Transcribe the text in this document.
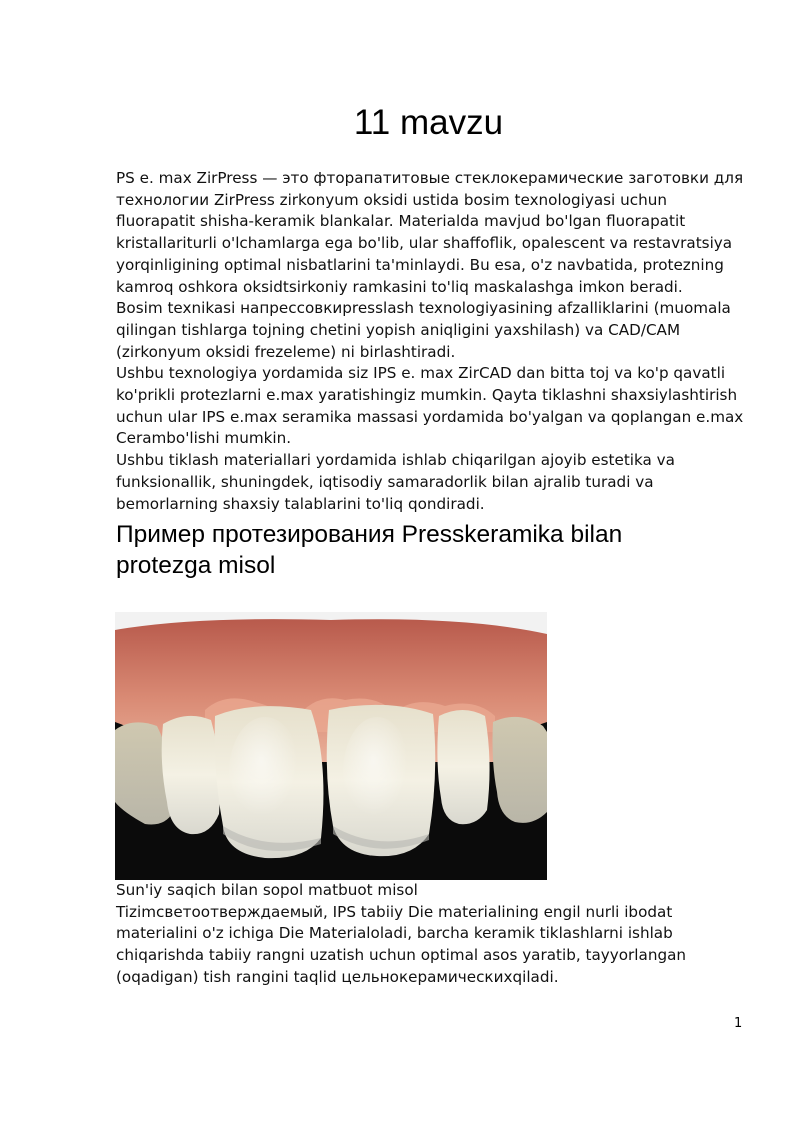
11 mavzu

PS e. max ZirPress — это фторапатитовые стеклокерамические заготовки для
технологии ZirPress zirkonyum oksidi ustida bosim texnologiyasi uchun
fluorapatit shisha-keramik blankalar. Materialda mavjud bo'lgan fluorapatit
kristallariturli o'lchamlarga ega bo'lib, ular shaffoflik, opalescent va restavratsiya
yorqinligining optimal nisbatlarini ta'minlaydi. Bu esa, o'z navbatida, protezning
kamroq oshkora oksidtsirkoniy ramkasini to'liq maskalashga imkon beradi.

Bosim texnikasi напрессовкиpresslash texnologiyasining afzalliklarini (muomala
qilingan tishlarga tojning chetini yopish aniqligini yaxshilash) va CAD/CAM
(zirkonyum oksidi frezeleme) ni birlashtiradi.

Ushbu texnologiya yordamida siz IPS e. max ZirCAD dan bitta toj va ko'p qavatli
ko'prikli protezlarni e.max yaratishingiz mumkin. Qayta tiklashni shaxsiylashtirish
uchun ular IPS e.max seramika massasi yordamida bo'yalgan va qoplangan e.max
Cerambo'lishi mumkin.

Ushbu tiklash materiallari yordamida ishlab chiqarilgan ajoyib estetika va
funksionallik, shuningdek, iqtisodiy samaradorlik bilan ajralib turadi va
bemorlarning shaxsiy talablarini to'liq qondiradi.

Пример протезирования Presskeramika bilan
protezga misol

Sun'iy saqich bilan sopol matbuot misol

Tizimсветоотверждаемый, IPS tabiiy Die materialining engil nurli ibodat
materialini o'z ichiga Die Materialoladi, barcha keramik tiklashlarni ishlab
chiqarishda tabiiy rangni uzatish uchun optimal asos yaratib, tayyorlangan
(oqadigan) tish rangini taqlid цельнокерамическихqiladi.

1
